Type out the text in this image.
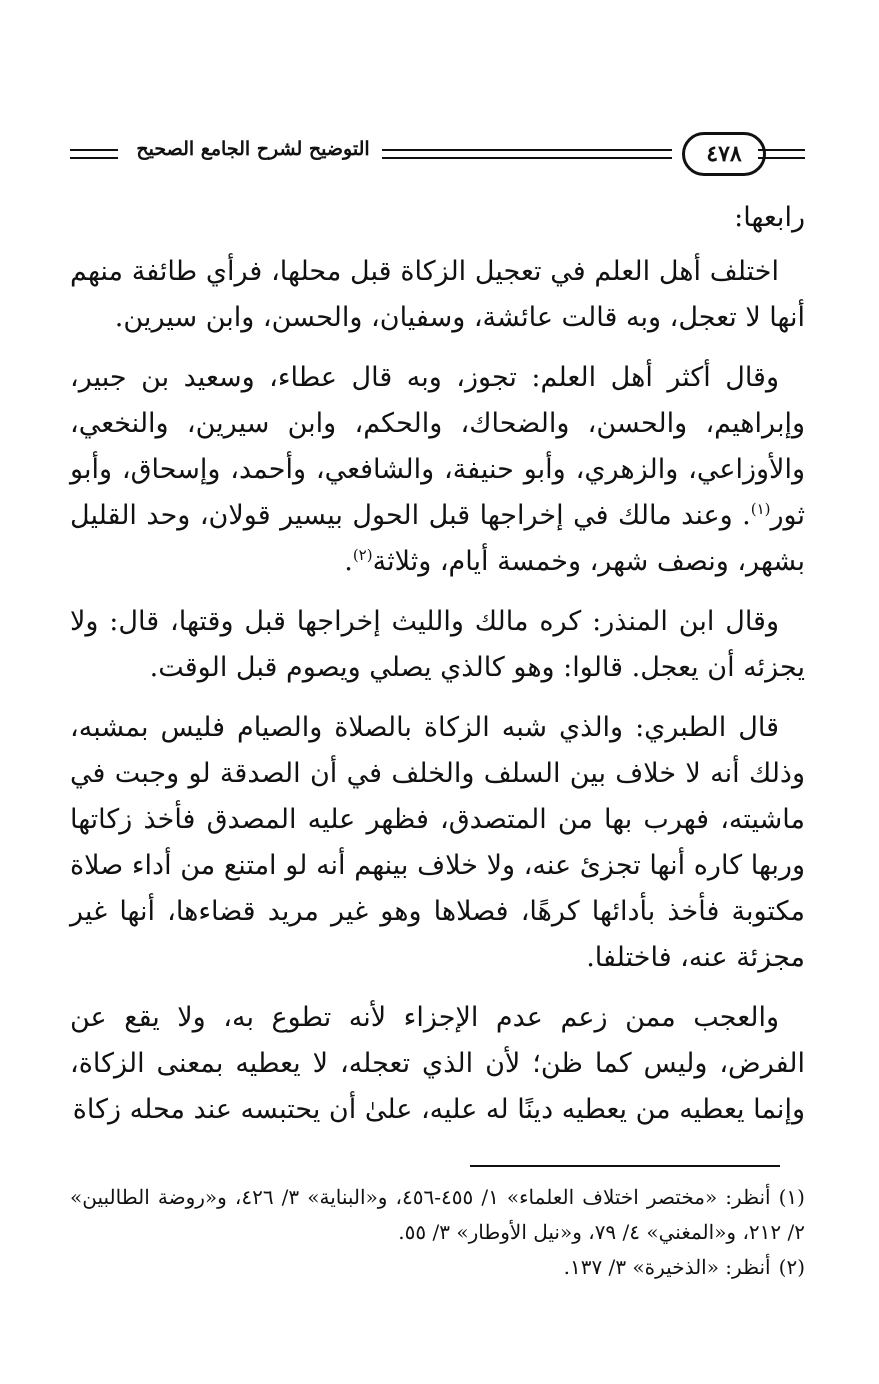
التوضيح لشرح الجامع الصحيح	٤٧٨

رابعها:

اختلف أهل العلم في تعجيل الزكاة قبل محلها، فرأي طائفة منهم أنها لا تعجل، وبه قالت عائشة، وسفيان، والحسن، وابن سيرين.

وقال أكثر أهل العلم: تجوز، وبه قال عطاء، وسعيد بن جبير، وإبراهيم، والحسن، والضحاك، والحكم، وابن سيرين، والنخعي، والأوزاعي، والزهري، وأبو حنيفة، والشافعي، وأحمد، وإسحاق، وأبو ثور$^{(١)}$. وعند مالك في إخراجها قبل الحول بيسير قولان، وحد القليل بشهر، ونصف شهر، وخمسة أيام، وثلاثة$^{(٢)}$.

وقال ابن المنذر: كره مالك والليث إخراجها قبل وقتها، قال: ولا يجزئه أن يعجل. قالوا: وهو كالذي يصلي ويصوم قبل الوقت.

قال الطبري: والذي شبه الزكاة بالصلاة والصيام فليس بمشبه، وذلك أنه لا خلاف بين السلف والخلف في أن الصدقة لو وجبت في ماشيته، فهرب بها من المتصدق، فظهر عليه المصدق فأخذ زكاتها وربها كاره أنها تجزئ عنه، ولا خلاف بينهم أنه لو امتنع من أداء صلاة مكتوبة فأخذ بأدائها كرهًا، فصلاها وهو غير مريد قضاءها، أنها غير مجزئة عنه، فاختلفا.

والعجب ممن زعم عدم الإجزاء لأنه تطوع به، ولا يقع عن الفرض، وليس كما ظن؛ لأن الذي تعجله، لا يعطيه بمعنى الزكاة، وإنما يعطيه من يعطيه دينًا له عليه، علىٰ أن يحتبسه عند محله زكاة

(١)أنظر: «مختصر اختلاف العلماء» ١/ ٤٥٥-٤٥٦، و«البناية» ٣/ ٤٢٦، و«روضة الطالبين» ٢/ ٢١٢، و«المغني» ٤/ ٧٩، و«نيل الأوطار» ٣/ ٥٥.

(٢)أنظر: «الذخيرة» ٣/ ١٣٧.
